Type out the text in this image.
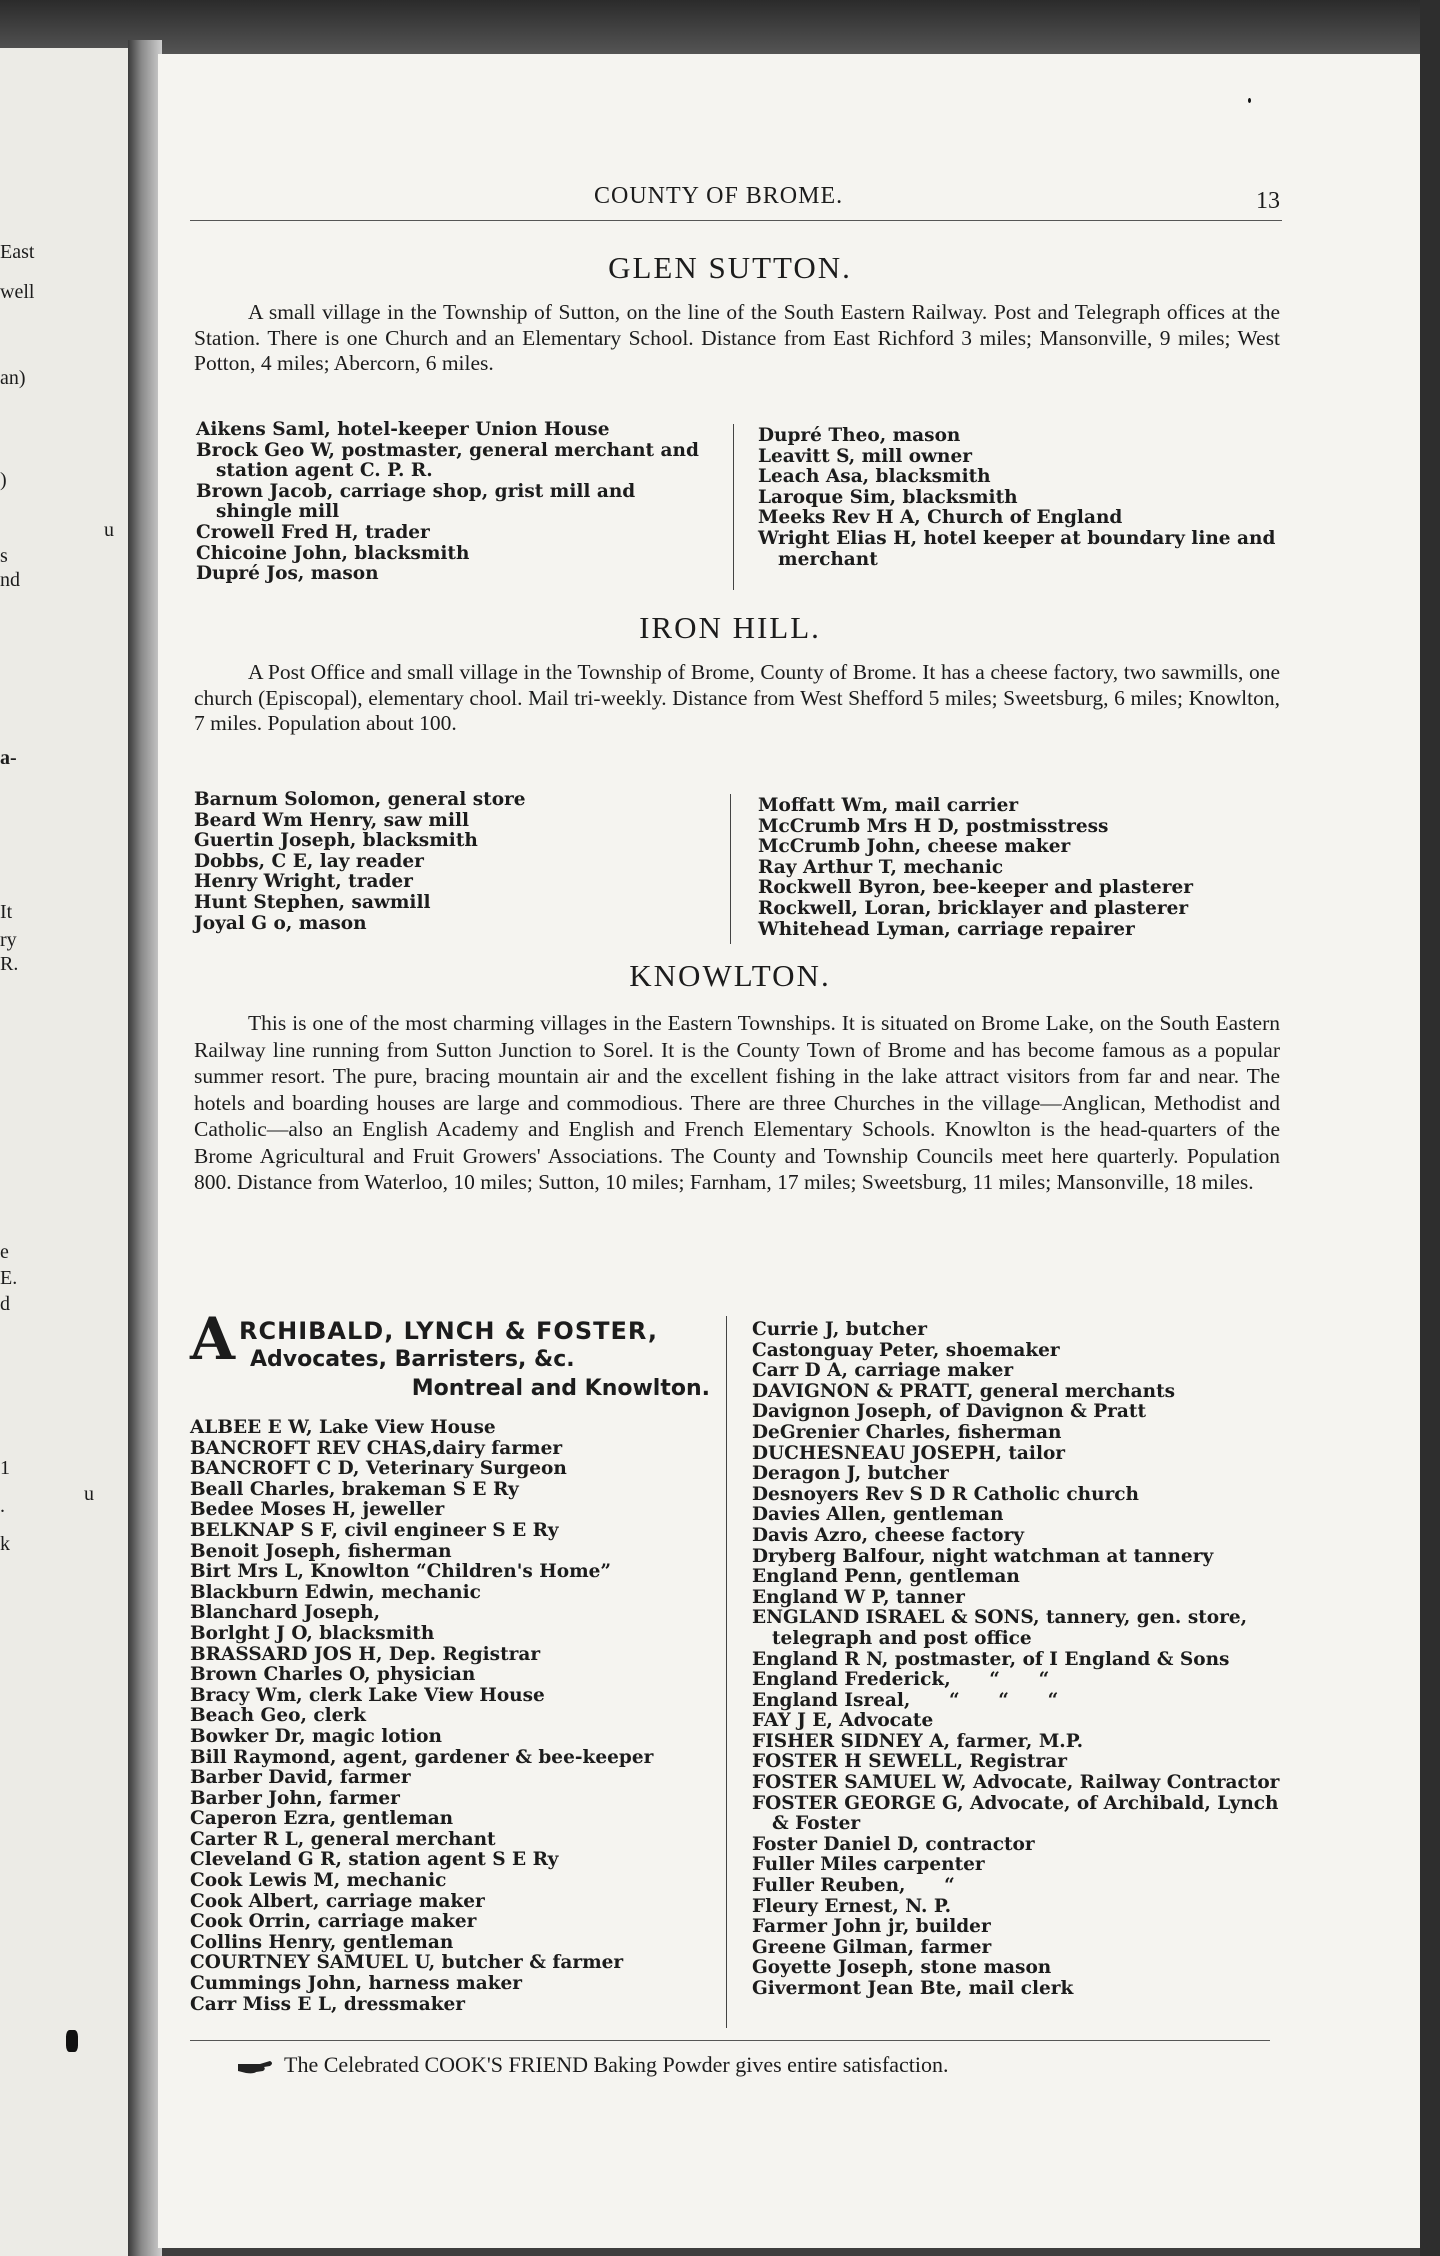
East
well
an)
)
s
nd
u
a-
It
ry
R.
e
E.
d
1
.
k
u
COUNTY OF BROME.	13
GLEN SUTTON.
A small village in the Township of Sutton, on the line of the South Eastern Railway. Post and Telegraph offices at the Station. There is one Church and an Elementary School. Distance from East Richford 3 miles; Mansonville, 9 miles; West Potton, 4 miles; Abercorn, 6 miles.
Aikens Saml, hotel-keeper Union House
Brock Geo W, postmaster, general merchant and station agent C. P. R.
Brown Jacob, carriage shop, grist mill and shingle mill
Crowell Fred H, trader
Chicoine John, blacksmith
Dupré Jos, mason
Dupré Theo, mason
Leavitt S, mill owner
Leach Asa, blacksmith
Laroque Sim, blacksmith
Meeks Rev H A, Church of England
Wright Elias H, hotel keeper at boundary line and merchant
IRON HILL.
A Post Office and small village in the Township of Brome, County of Brome. It has a cheese factory, two sawmills, one church (Episcopal), elementary chool. Mail tri-weekly. Distance from West Shefford 5 miles; Sweetsburg, 6 miles; Knowlton, 7 miles. Population about 100.
Barnum Solomon, general store
Beard Wm Henry, saw mill
Guertin Joseph, blacksmith
Dobbs, C E, lay reader
Henry Wright, trader
Hunt Stephen, sawmill
Joyal G o, mason
Moffatt Wm, mail carrier
McCrumb Mrs H D, postmisstress
McCrumb John, cheese maker
Ray Arthur T, mechanic
Rockwell Byron, bee-keeper and plasterer
Rockwell, Loran, bricklayer and plasterer
Whitehead Lyman, carriage repairer
KNOWLTON.
This is one of the most charming villages in the Eastern Townships. It is situated on Brome Lake, on the South Eastern Railway line running from Sutton Junction to Sorel. It is the County Town of Brome and has become famous as a popular summer resort. The pure, bracing mountain air and the excellent fishing in the lake attract visitors from far and near. The hotels and boarding houses are large and commodious. There are three Churches in the village—Anglican, Methodist and Catholic—also an English Academy and English and French Elementary Schools. Knowlton is the head-quarters of the Brome Agricultural and Fruit Growers' Associations. The County and Township Councils meet here quarterly. Population 800. Distance from Waterloo, 10 miles; Sutton, 10 miles; Farnham, 17 miles; Sweetsburg, 11 miles; Mansonville, 18 miles.
A RCHIBALD, LYNCH & FOSTER,
Advocates, Barristers, &c.
Montreal and Knowlton.
ALBEE E W, Lake View House
BANCROFT REV CHAS,dairy farmer
BANCROFT C D, Veterinary Surgeon
Beall Charles, brakeman S E Ry
Bedee Moses H, jeweller
BELKNAP S F, civil engineer S E Ry
Benoit Joseph, fisherman
Birt Mrs L, Knowlton “Children's Home”
Blackburn Edwin, mechanic
Blanchard Joseph,
Borlght J O, blacksmith
BRASSARD JOS H, Dep. Registrar
Brown Charles O, physician
Bracy Wm, clerk Lake View House
Beach Geo, clerk
Bowker Dr, magic lotion
Bill Raymond, agent, gardener & bee-keeper
Barber David, farmer
Barber John, farmer
Caperon Ezra, gentleman
Carter R L, general merchant
Cleveland G R, station agent S E Ry
Cook Lewis M, mechanic
Cook Albert, carriage maker
Cook Orrin, carriage maker
Collins Henry, gentleman
COURTNEY SAMUEL U, butcher & farmer
Cummings John, harness maker
Carr Miss E L, dressmaker
Currie J, butcher
Castonguay Peter, shoemaker
Carr D A, carriage maker
DAVIGNON & PRATT, general merchants
Davignon Joseph, of Davignon & Pratt
DeGrenier Charles, fisherman
DUCHESNEAU JOSEPH, tailor
Deragon J, butcher
Desnoyers Rev S D R Catholic church
Davies Allen, gentleman
Davis Azro, cheese factory
Dryberg Balfour, night watchman at tannery
England Penn, gentleman
England W P, tanner
ENGLAND ISRAEL & SONS, tannery, gen. store, telegraph and post office
England R N, postmaster, of I England & Sons
England Frederick,      “      “
England Isreal,      “      “      “
FAY J E, Advocate
FISHER SIDNEY A, farmer, M.P.
FOSTER H SEWELL, Registrar
FOSTER SAMUEL W, Advocate, Railway Contractor
FOSTER GEORGE G, Advocate, of Archibald, Lynch & Foster
Foster Daniel D, contractor
Fuller Miles carpenter
Fuller Reuben,      “
Fleury Ernest, N. P.
Farmer John jr, builder
Greene Gilman, farmer
Goyette Joseph, stone mason
Givermont Jean Bte, mail clerk
The Celebrated COOK'S FRIEND Baking Powder gives entire satisfaction.
